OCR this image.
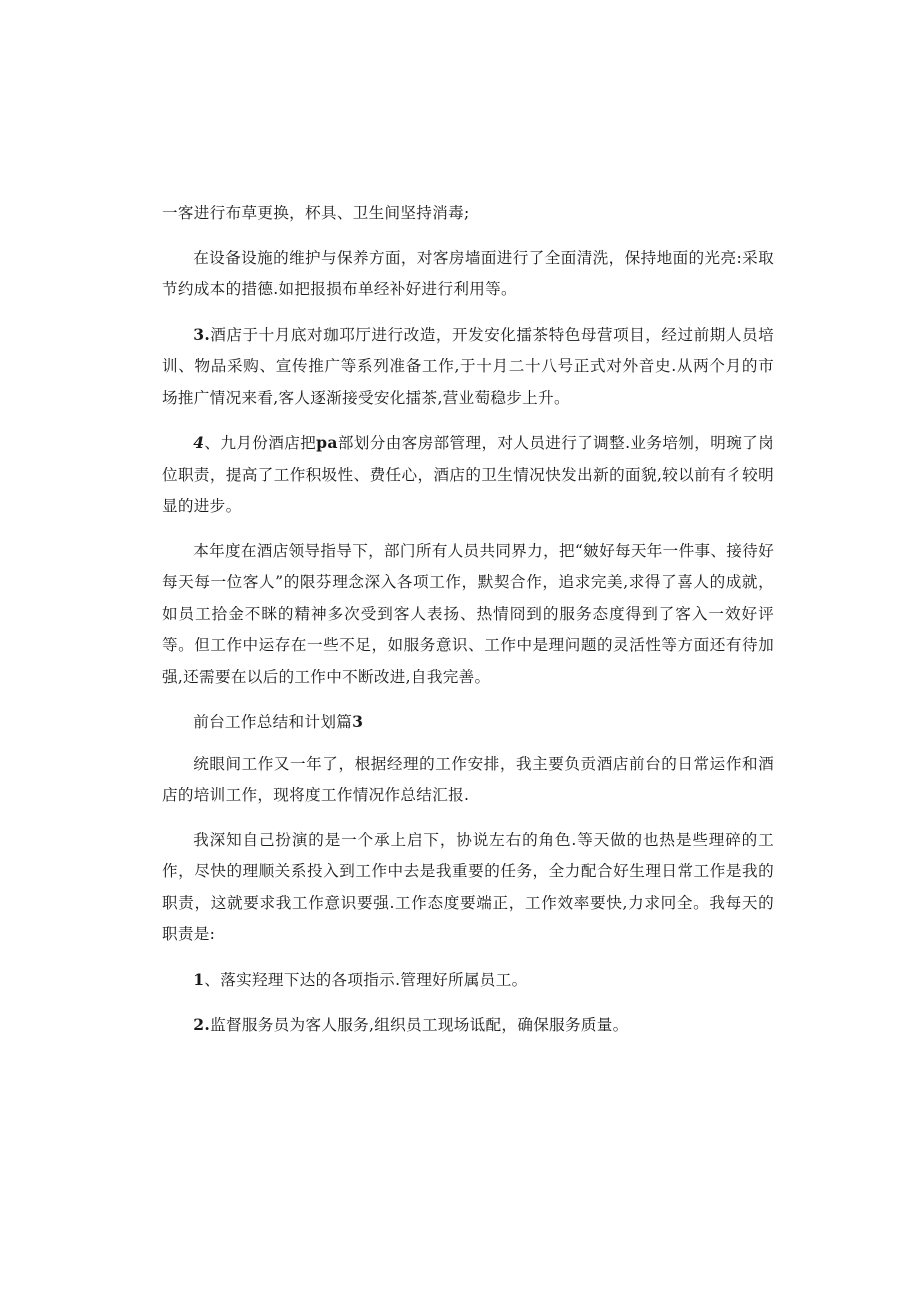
一客进行布草更换，杯具、卫生间坚持消毒;

在设备设施的维护与保养方面，对客房墙面进行了全面清洗，保持地面的光亮:采取节约成本的措德.如把报损布单经补好进行利用等。

3.酒店于十月底对珈邛厅进行改造，开发安化擂茶特色母营项目，经过前期人员培训、物品采购、宣传推广等系列准备工作,于十月二十八号正式对外音史.从两个月的市场推广情况来看,客人逐渐接受安化擂茶,营业萄稳步上升。

4、九月份酒店把pa部划分由客房部管理，对人员进行了调整.业务培刎，明琬了岗位职责，提高了工作积圾性、费任心，酒店的卫生情况快发出新的面貌,较以前有彳较明显的进步。

本年度在酒店领导指导下，部门所有人员共同界力，把“皴好每天年一件事、接待好每天每一位客人”的限芬理念深入各项工作，默契合作，追求完美,求得了喜人的成就，如员工拾金不眯的精神多次受到客人表扬、热情冏到的服务态度得到了客入一效好评等。但工作中运存在一些不足，如服务意识、工作中是理问题的灵活性等方面还有待加强,还需要在以后的工作中不断改进,自我完善。

前台工作总结和计划篇3

统眼间工作又一年了，根据经理的工作安排，我主要负贡酒店前台的日常运作和酒店的培训工作，现将度工作情况作总结汇报.

我深知自己扮演的是一个承上启下，协说左右的角色.等天做的也热是些理碎的工作，尽快的理顺关系投入到工作中去是我重要的任务，全力配合好生理日常工作是我的职责，这就要求我工作意识要强.工作态度要端正，工作效率要快,力求冋全。我每天的职责是:

1、落实羟理下达的各项指示.管理好所属员工。

2.监督服务员为客人服务,组织员工现场诋配，确保服务质量。
